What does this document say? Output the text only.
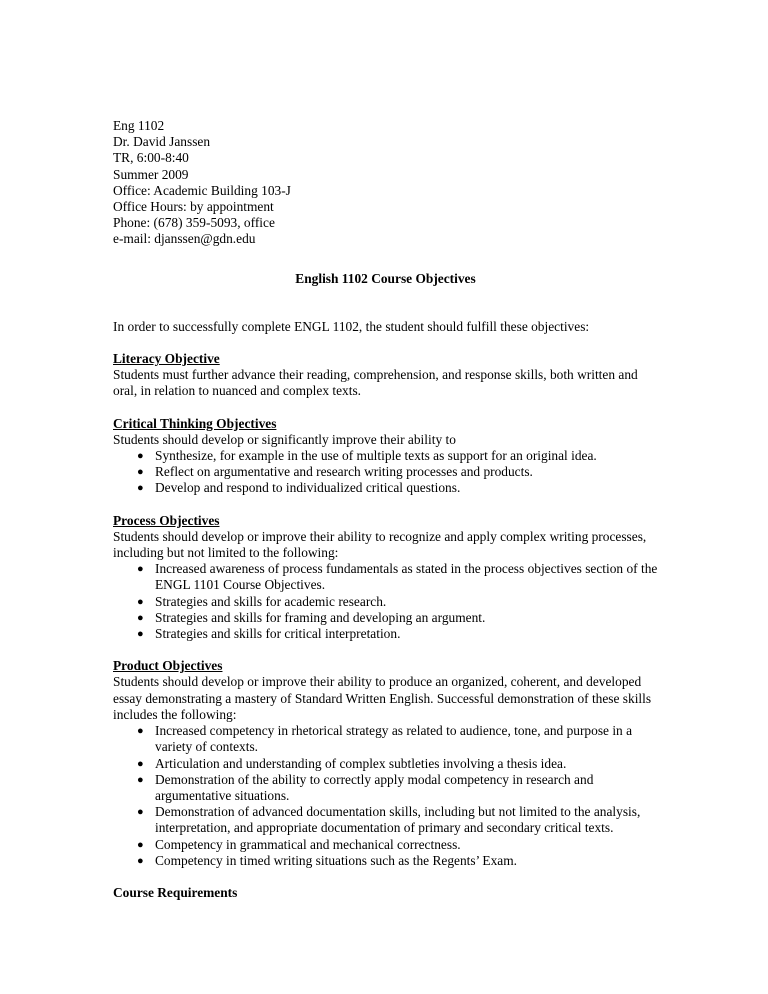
Eng 1102
Dr. David Janssen
TR, 6:00-8:40
Summer 2009
Office: Academic Building 103-J
Office Hours: by appointment
Phone: (678) 359-5093, office
e-mail: djanssen@gdn.edu
English 1102 Course Objectives
In order to successfully complete ENGL 1102, the student should fulfill these objectives:
Literacy Objective
Students must further advance their reading, comprehension, and response skills, both written and oral, in relation to nuanced and complex texts.
Critical Thinking Objectives
Students should develop or significantly improve their ability to
● Synthesize, for example in the use of multiple texts as support for an original idea.
● Reflect on argumentative and research writing processes and products.
● Develop and respond to individualized critical questions.
Process Objectives
Students should develop or improve their ability to recognize and apply complex writing processes, including but not limited to the following:
● Increased awareness of process fundamentals as stated in the process objectives section of the ENGL 1101 Course Objectives.
● Strategies and skills for academic research.
● Strategies and skills for framing and developing an argument.
● Strategies and skills for critical interpretation.
Product Objectives
Students should develop or improve their ability to produce an organized, coherent, and developed essay demonstrating a mastery of Standard Written English. Successful demonstration of these skills includes the following:
● Increased competency in rhetorical strategy as related to audience, tone, and purpose in a variety of contexts.
● Articulation and understanding of complex subtleties involving a thesis idea.
● Demonstration of the ability to correctly apply modal competency in research and argumentative situations.
● Demonstration of advanced documentation skills, including but not limited to the analysis, interpretation, and appropriate documentation of primary and secondary critical texts.
● Competency in grammatical and mechanical correctness.
● Competency in timed writing situations such as the Regents’ Exam.
Course Requirements
